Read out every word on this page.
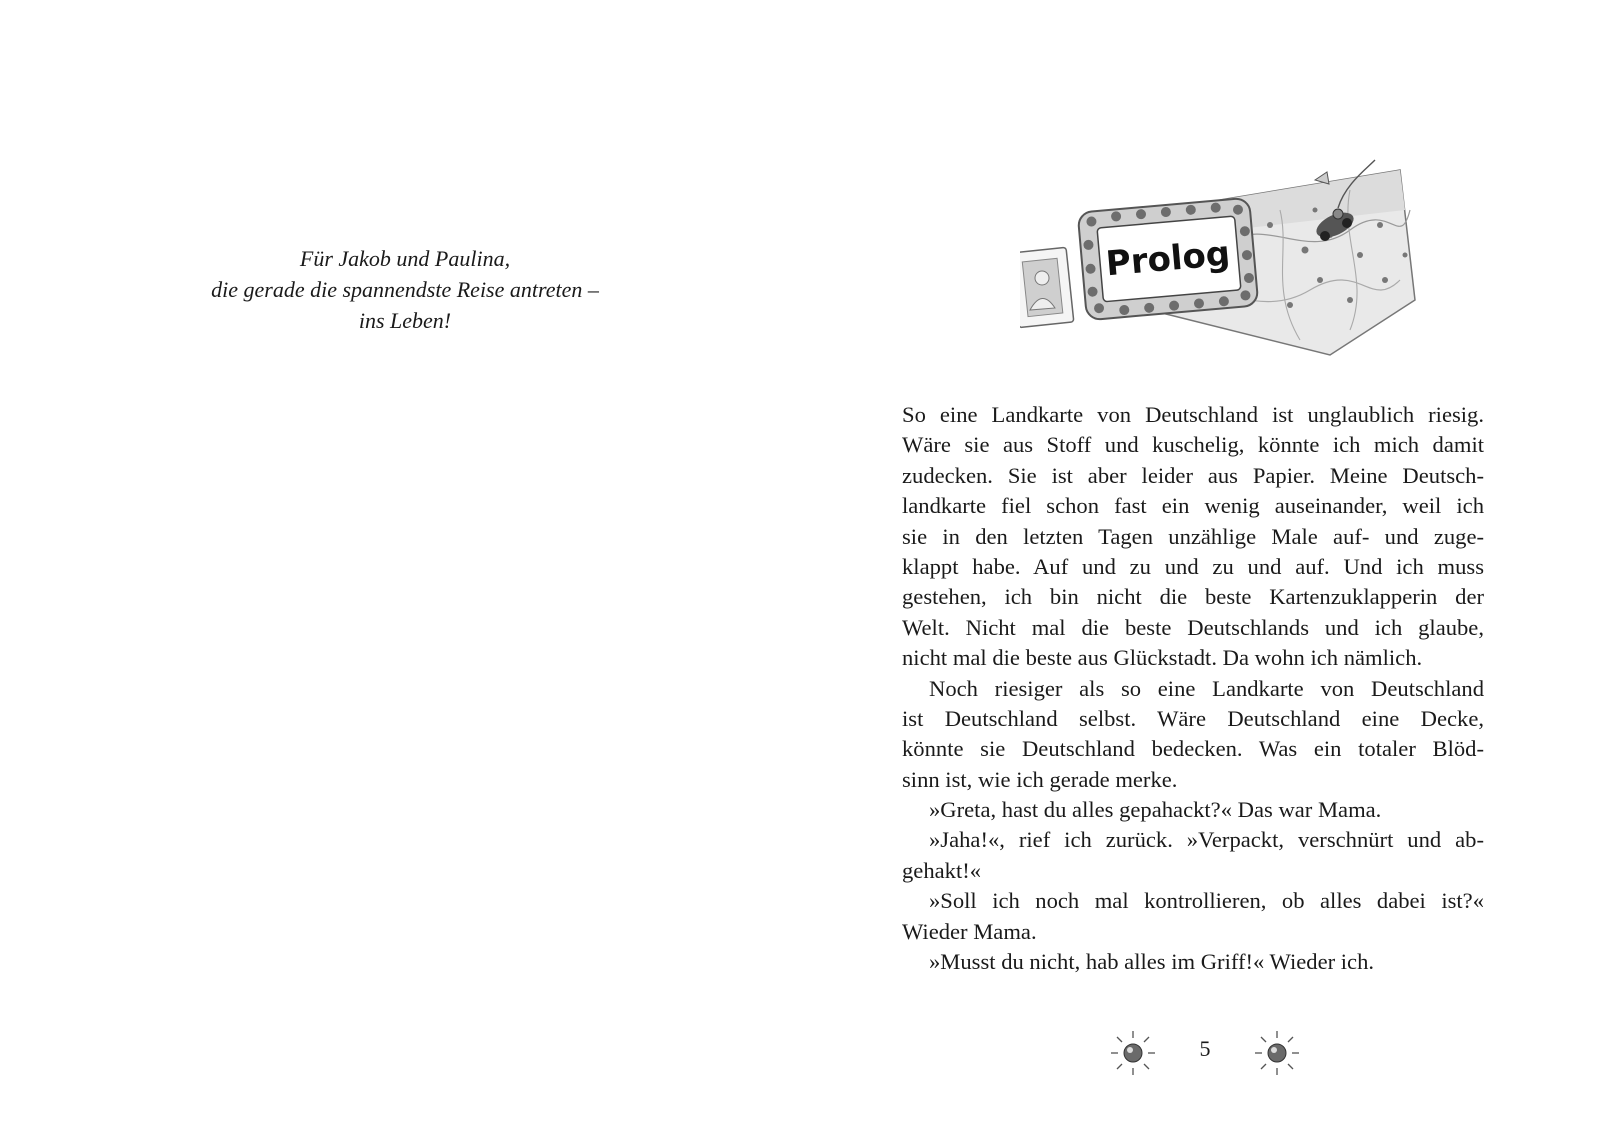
Für Jakob und Paulina,
die gerade die spannendste Reise antreten –
ins Leben!
Prolog
So eine Landkarte von Deutschland ist unglaublich riesig.
Wäre sie aus Stoff und kuschelig, könnte ich mich damit
zudecken. Sie ist aber leider aus Papier. Meine Deutsch-
landkarte fiel schon fast ein wenig auseinander, weil ich
sie in den letzten Tagen unzählige Male auf- und zuge-
klappt habe. Auf und zu und zu und auf. Und ich muss
gestehen, ich bin nicht die beste Kartenzuklapperin der
Welt. Nicht mal die beste Deutschlands und ich glaube,
nicht mal die beste aus Glückstadt. Da wohn ich nämlich.
Noch riesiger als so eine Landkarte von Deutschland
ist Deutschland selbst. Wäre Deutschland eine Decke,
könnte sie Deutschland bedecken. Was ein totaler Blöd-
sinn ist, wie ich gerade merke.
»Greta, hast du alles gepahackt?« Das war Mama.
»Jaha!«, rief ich zurück. »Verpackt, verschnürt und ab-
gehakt!«
»Soll ich noch mal kontrollieren, ob alles dabei ist?«
Wieder Mama.
»Musst du nicht, hab alles im Griff!« Wieder ich.
5
